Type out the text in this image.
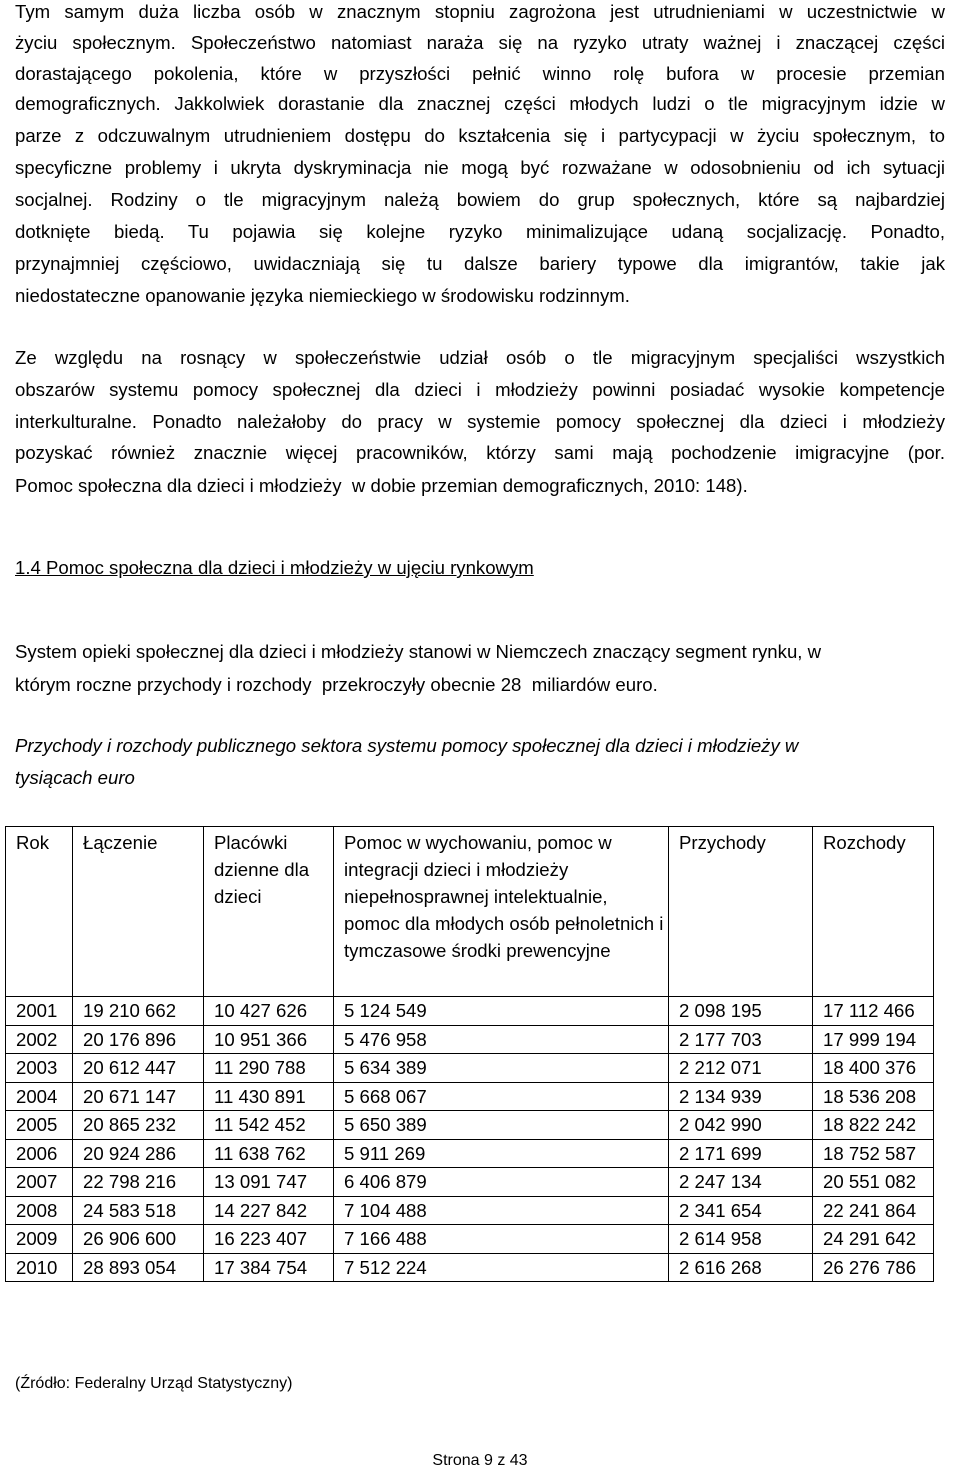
Tym samym duża liczba osób w znacznym stopniu zagrożona jest utrudnieniami w uczestnictwie w
życiu społecznym. Społeczeństwo natomiast naraża się na ryzyko utraty ważnej i znaczącej części
dorastającego pokolenia, które w przyszłości pełnić winno rolę bufora w procesie przemian
demograficznych. Jakkolwiek dorastanie dla znacznej części młodych ludzi o tle migracyjnym idzie w
parze z odczuwalnym utrudnieniem dostępu do kształcenia się i partycypacji w życiu społecznym, to
specyficzne problemy i ukryta dyskryminacja nie mogą być rozważane w odosobnieniu od ich sytuacji
socjalnej. Rodziny o tle migracyjnym należą bowiem do grup społecznych, które są najbardziej
dotknięte biedą. Tu pojawia się kolejne ryzyko minimalizujące udaną socjalizację. Ponadto,
przynajmniej częściowo, uwidaczniają się tu dalsze bariery typowe dla imigrantów, takie jak
niedostateczne opanowanie języka niemieckiego w środowisku rodzinnym.
Ze względu na rosnący w społeczeństwie udział osób o tle migracyjnym specjaliści wszystkich
obszarów systemu pomocy społecznej dla dzieci i młodzieży powinni posiadać wysokie kompetencje
interkulturalne. Ponadto należałoby do pracy w systemie pomocy społecznej dla dzieci i młodzieży
pozyskać również znacznie więcej pracowników, którzy sami mają pochodzenie imigracyjne (por.
Pomoc społeczna dla dzieci i młodzieży  w dobie przemian demograficznych, 2010: 148).
1.4 Pomoc społeczna dla dzieci i młodzieży w ujęciu rynkowym
System opieki społecznej dla dzieci i młodzieży stanowi w Niemczech znaczący segment rynku, w
którym roczne przychody i rozchody  przekroczyły obecnie 28  miliardów euro.
Przychody i rozchody publicznego sektora systemu pomocy społecznej dla dzieci i młodzieży w
tysiącach euro
Rok	Łączenie	Placówki dzienne dla dzieci	Pomoc w wychowaniu, pomoc w integracji dzieci i młodzieży niepełnosprawnej intelektualnie, pomoc dla młodych osób pełnoletnich i tymczasowe środki prewencyjne	Przychody	Rozchody
2001	19 210 662	10 427 626	5 124 549	2 098 195	17 112 466
2002	20 176 896	10 951 366	5 476 958	2 177 703	17 999 194
2003	20 612 447	11 290 788	5 634 389	2 212 071	18 400 376
2004	20 671 147	11 430 891	5 668 067	2 134 939	18 536 208
2005	20 865 232	11 542 452	5 650 389	2 042 990	18 822 242
2006	20 924 286	11 638 762	5 911 269	2 171 699	18 752 587
2007	22 798 216	13 091 747	6 406 879	2 247 134	20 551 082
2008	24 583 518	14 227 842	7 104 488	2 341 654	22 241 864
2009	26 906 600	16 223 407	7 166 488	2 614 958	24 291 642
2010	28 893 054	17 384 754	7 512 224	2 616 268	26 276 786
(Źródło: Federalny Urząd Statystyczny)
Strona 9 z 43
